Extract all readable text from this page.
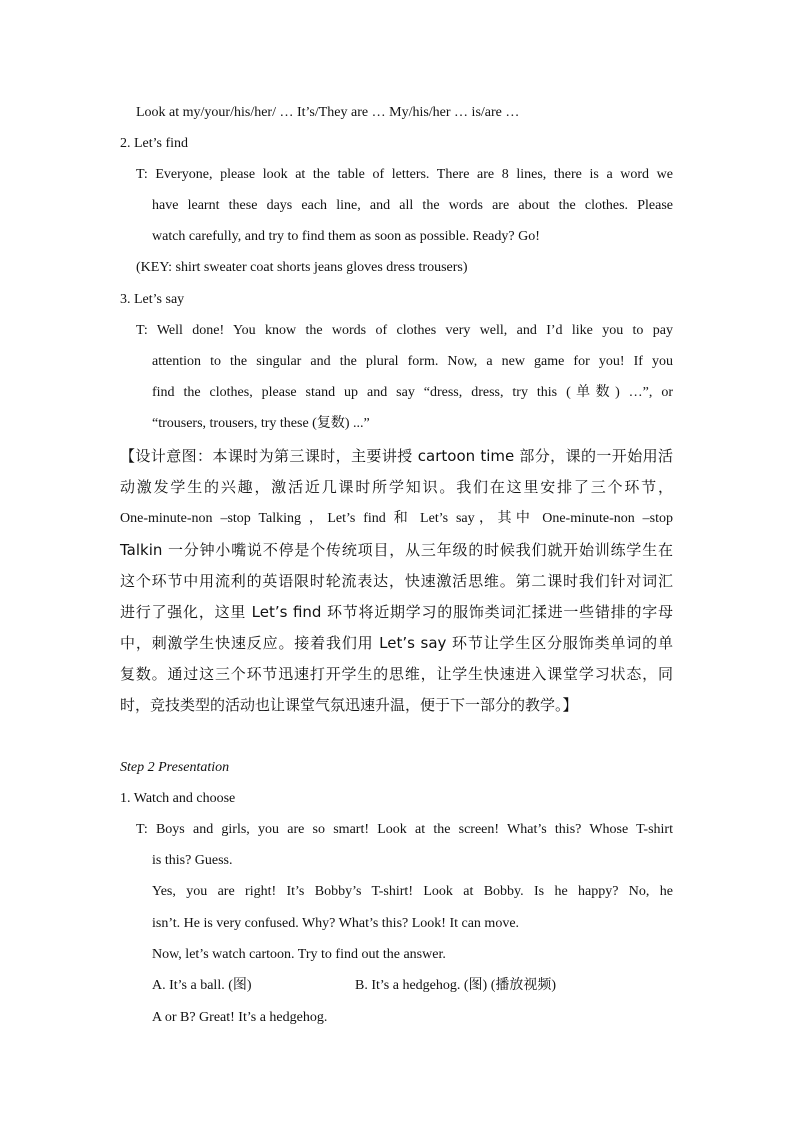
Look at my/your/his/her/ … It’s/They are … My/his/her … is/are …
2. Let’s find
T: Everyone, please look at the table of letters. There are 8 lines, there is a word we
have learnt these days each line, and all the words are about the clothes. Please
watch carefully, and try to find them as soon as possible. Ready? Go!
(KEY: shirt sweater coat shorts jeans gloves dress trousers)
3. Let’s say
T: Well done! You know the words of clothes very well, and I’d like you to pay
attention to the singular and the plural form. Now, a new game for you! If you
find the clothes, please stand up and say “dress, dress, try this (单数) …”, or
“trousers, trousers, try these (复数) ...”
【设计意图：本课时为第三课时，主要讲授 cartoon time 部分，课的一开始用活
动激发学生的兴趣，激活近几课时所学知识。我们在这里安排了三个环节，
One-minute-non –stop Talking ，Let’s find 和 Let’s say，其中 One-minute-non –stop
Talkin 一分钟小嘴说不停是个传统项目，从三年级的时候我们就开始训练学生在
这个环节中用流利的英语限时轮流表达，快速激活思维。第二课时我们针对词汇
进行了强化，这里 Let’s find 环节将近期学习的服饰类词汇揉进一些错排的字母
中，刺激学生快速反应。接着我们用 Let’s say 环节让学生区分服饰类单词的单
复数。通过这三个环节迅速打开学生的思维，让学生快速进入课堂学习状态，同
时，竞技类型的活动也让课堂气氛迅速升温，便于下一部分的教学。】
Step 2 Presentation
1. Watch and choose
T: Boys and girls, you are so smart! Look at the screen! What’s this? Whose T-shirt
is this? Guess.
Yes, you are right! It’s Bobby’s T-shirt! Look at Bobby. Is he happy? No, he
isn’t. He is very confused. Why? What’s this? Look! It can move.
Now, let’s watch cartoon. Try to find out the answer.
A. It’s a ball. (图)	B. It’s a hedgehog. (图) (播放视频)
A or B? Great! It’s a hedgehog.
